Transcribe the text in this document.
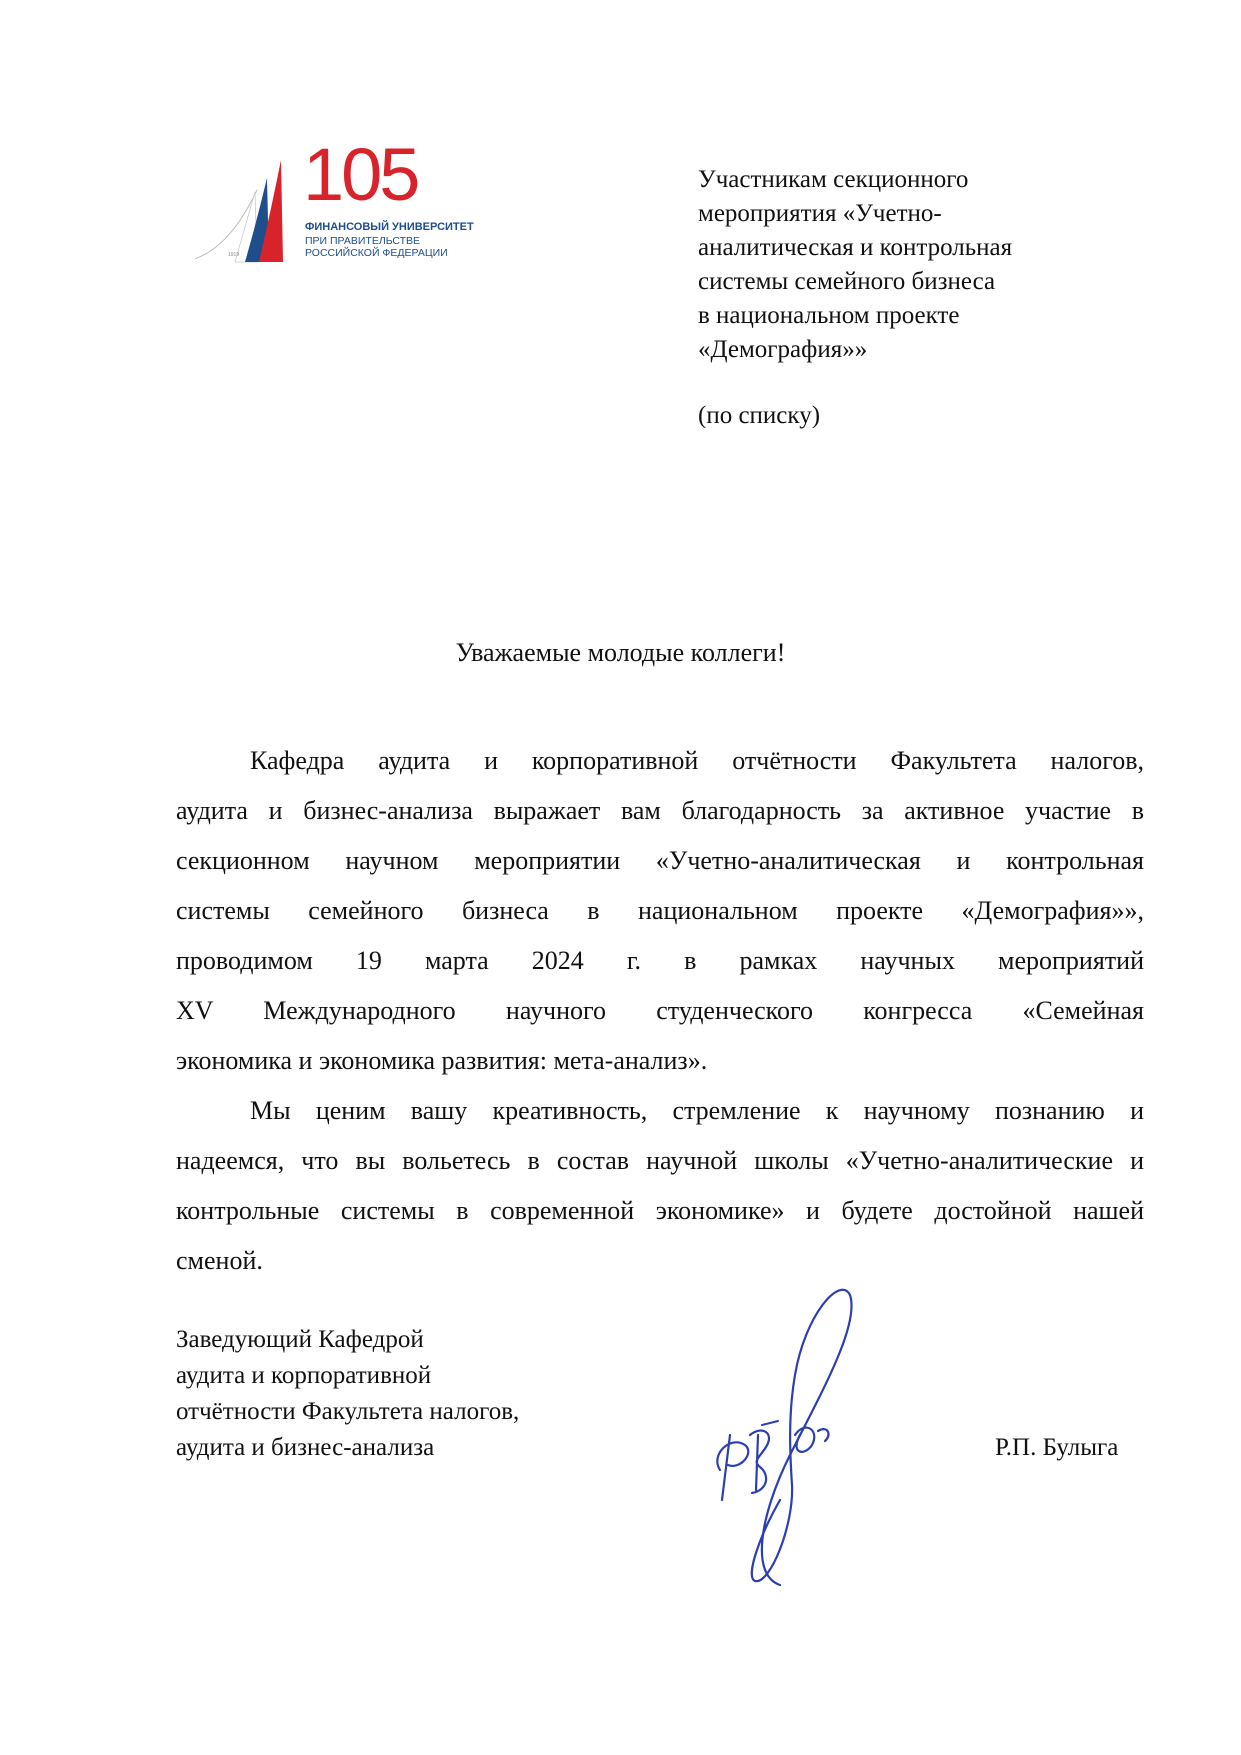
105
ФИНАНСОВЫЙ УНИВЕРСИТЕТ
ПРИ ПРАВИТЕЛЬСТВЕ
РОССИЙСКОЙ ФЕДЕРАЦИИ
1919
Участникам секционного
мероприятия «Учетно-
аналитическая и контрольная
системы семейного бизнеса
в национальном проекте
«Демография»»
(по списку)
Уважаемые молодые коллеги!
Кафедра аудита и корпоративной отчётности Факультета налогов,
аудита и бизнес-анализа выражает вам благодарность за активное участие в
секционном научном мероприятии «Учетно-аналитическая и контрольная
системы семейного бизнеса в национальном проекте «Демография»»,
проводимом 19 марта 2024 г. в рамках научных мероприятий
XV Международного научного студенческого конгресса «Семейная
экономика и экономика развития: мета-анализ».
Мы ценим вашу креативность, стремление к научному познанию и
надеемся, что вы вольетесь в состав научной школы «Учетно-аналитические и
контрольные системы в современной экономике» и будете достойной нашей
сменой.
Заведующий Кафедрой
аудита и корпоративной
отчётности Факультета налогов,
аудита и бизнес-анализа	Р.П. Булыга
